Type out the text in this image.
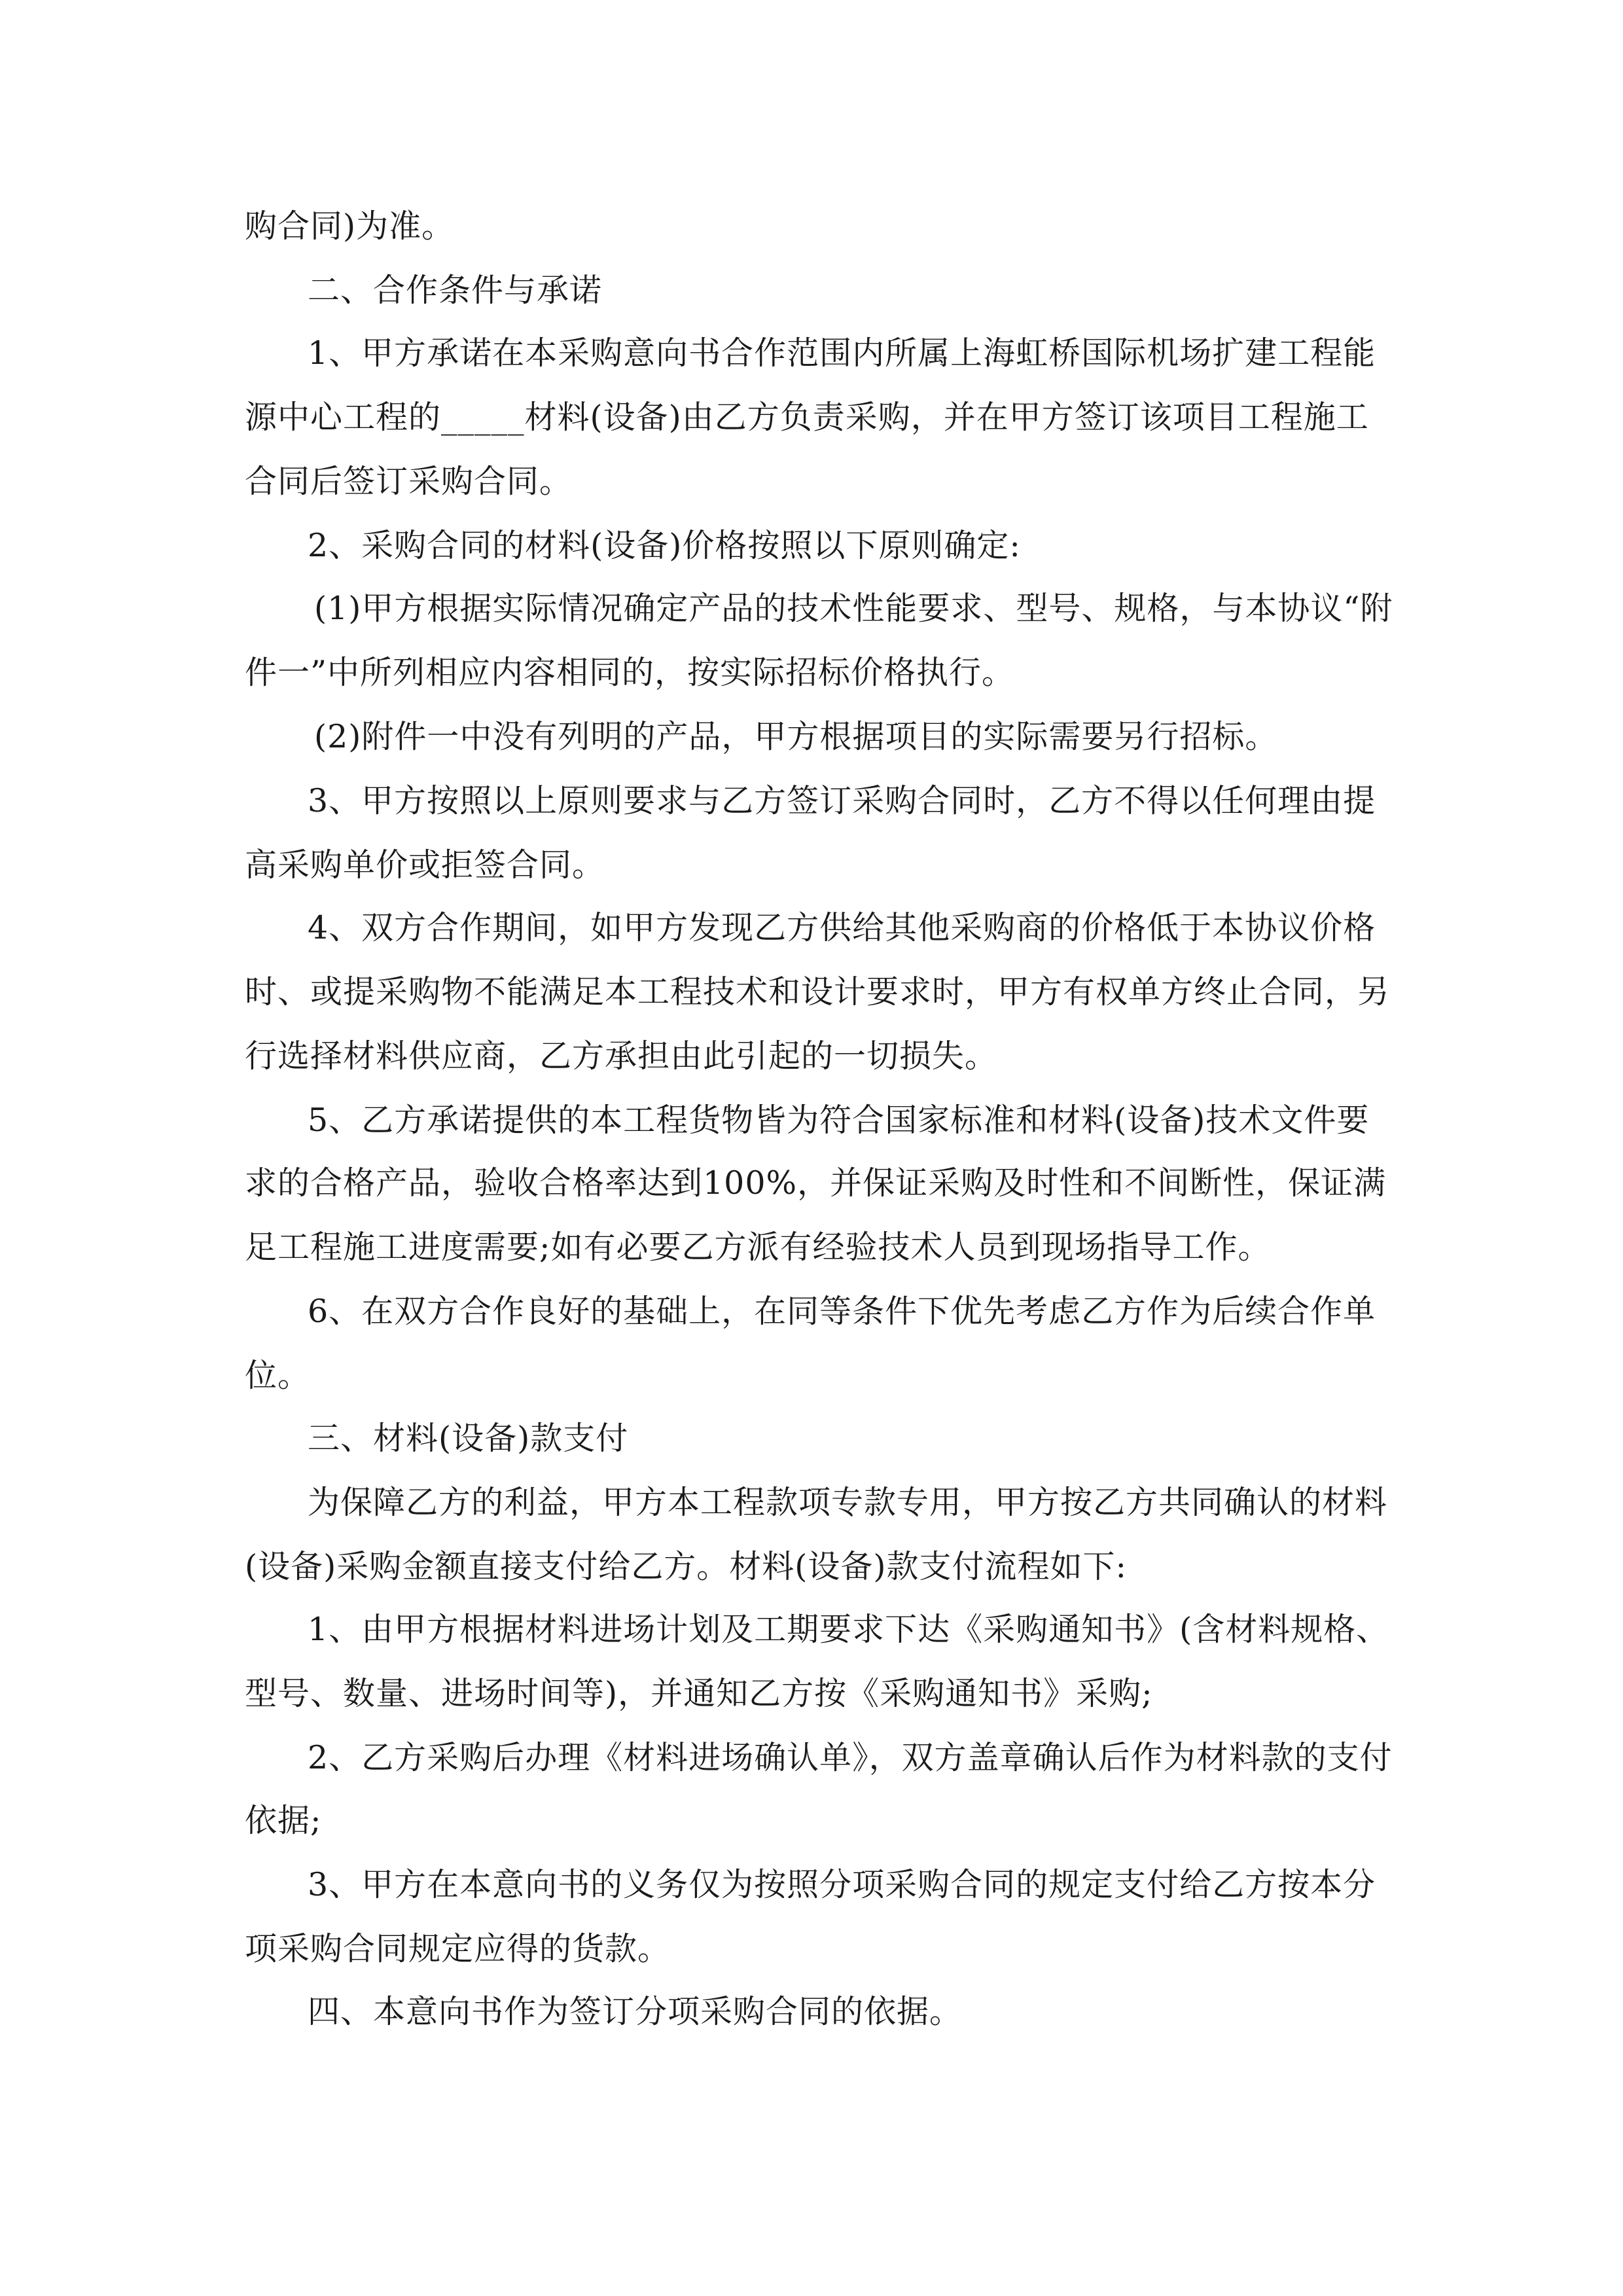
购合同)为准。
二、合作条件与承诺
1、甲方承诺在本采购意向书合作范围内所属上海虹桥国际机场扩建工程能
源中心工程的_____材料(设备)由乙方负责采购，并在甲方签订该项目工程施工
合同后签订采购合同。
2、采购合同的材料(设备)价格按照以下原则确定:
(1)甲方根据实际情况确定产品的技术性能要求、型号、规格，与本协议“附
件一”中所列相应内容相同的，按实际招标价格执行。
(2)附件一中没有列明的产品，甲方根据项目的实际需要另行招标。
3、甲方按照以上原则要求与乙方签订采购合同时，乙方不得以任何理由提
高采购单价或拒签合同。
4、双方合作期间，如甲方发现乙方供给其他采购商的价格低于本协议价格
时、或提采购物不能满足本工程技术和设计要求时，甲方有权单方终止合同，另
行选择材料供应商，乙方承担由此引起的一切损失。
5、乙方承诺提供的本工程货物皆为符合国家标准和材料(设备)技术文件要
求的合格产品，验收合格率达到100%，并保证采购及时性和不间断性，保证满
足工程施工进度需要;如有必要乙方派有经验技术人员到现场指导工作。
6、在双方合作良好的基础上，在同等条件下优先考虑乙方作为后续合作单
位。
三、材料(设备)款支付
为保障乙方的利益，甲方本工程款项专款专用，甲方按乙方共同确认的材料
(设备)采购金额直接支付给乙方。材料(设备)款支付流程如下:
1、由甲方根据材料进场计划及工期要求下达《采购通知书》(含材料规格、
型号、数量、进场时间等)，并通知乙方按《采购通知书》采购;
2、乙方采购后办理《材料进场确认单》，双方盖章确认后作为材料款的支付
依据;
3、甲方在本意向书的义务仅为按照分项采购合同的规定支付给乙方按本分
项采购合同规定应得的货款。
四、本意向书作为签订分项采购合同的依据。
